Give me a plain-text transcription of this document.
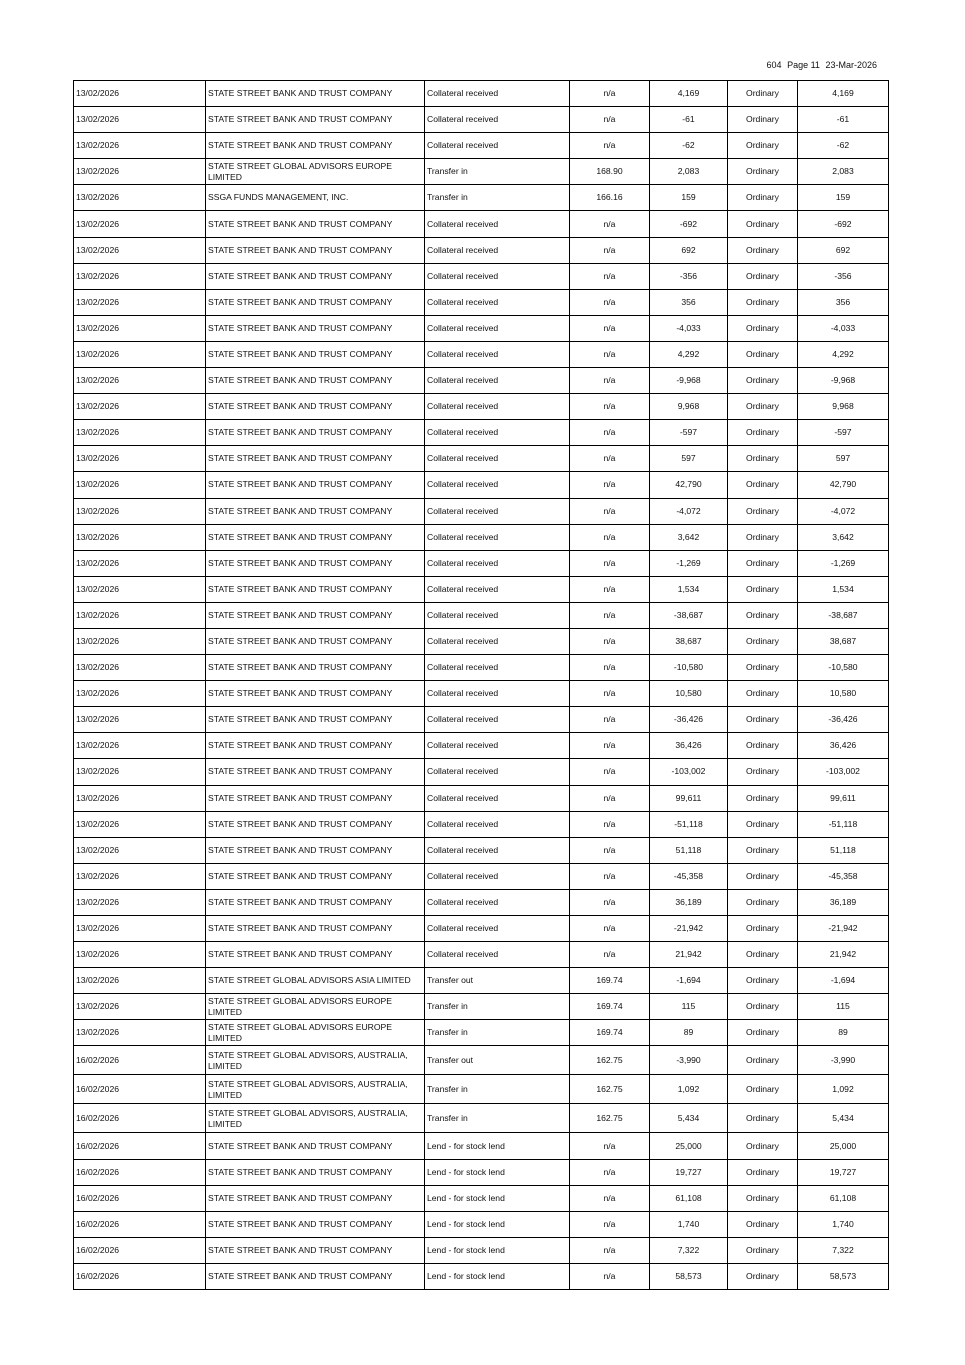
604 Page 11 23-Mar-2026
13/02/2026	STATE STREET BANK AND TRUST COMPANY	Collateral received	n/a	4,169	Ordinary	4,169
13/02/2026	STATE STREET BANK AND TRUST COMPANY	Collateral received	n/a	-61	Ordinary	-61
13/02/2026	STATE STREET BANK AND TRUST COMPANY	Collateral received	n/a	-62	Ordinary	-62
13/02/2026	STATE STREET GLOBAL ADVISORS EUROPE LIMITED	Transfer in	168.90	2,083	Ordinary	2,083
13/02/2026	SSGA FUNDS MANAGEMENT, INC.	Transfer in	166.16	159	Ordinary	159
13/02/2026	STATE STREET BANK AND TRUST COMPANY	Collateral received	n/a	-692	Ordinary	-692
13/02/2026	STATE STREET BANK AND TRUST COMPANY	Collateral received	n/a	692	Ordinary	692
13/02/2026	STATE STREET BANK AND TRUST COMPANY	Collateral received	n/a	-356	Ordinary	-356
13/02/2026	STATE STREET BANK AND TRUST COMPANY	Collateral received	n/a	356	Ordinary	356
13/02/2026	STATE STREET BANK AND TRUST COMPANY	Collateral received	n/a	-4,033	Ordinary	-4,033
13/02/2026	STATE STREET BANK AND TRUST COMPANY	Collateral received	n/a	4,292	Ordinary	4,292
13/02/2026	STATE STREET BANK AND TRUST COMPANY	Collateral received	n/a	-9,968	Ordinary	-9,968
13/02/2026	STATE STREET BANK AND TRUST COMPANY	Collateral received	n/a	9,968	Ordinary	9,968
13/02/2026	STATE STREET BANK AND TRUST COMPANY	Collateral received	n/a	-597	Ordinary	-597
13/02/2026	STATE STREET BANK AND TRUST COMPANY	Collateral received	n/a	597	Ordinary	597
13/02/2026	STATE STREET BANK AND TRUST COMPANY	Collateral received	n/a	42,790	Ordinary	42,790
13/02/2026	STATE STREET BANK AND TRUST COMPANY	Collateral received	n/a	-4,072	Ordinary	-4,072
13/02/2026	STATE STREET BANK AND TRUST COMPANY	Collateral received	n/a	3,642	Ordinary	3,642
13/02/2026	STATE STREET BANK AND TRUST COMPANY	Collateral received	n/a	-1,269	Ordinary	-1,269
13/02/2026	STATE STREET BANK AND TRUST COMPANY	Collateral received	n/a	1,534	Ordinary	1,534
13/02/2026	STATE STREET BANK AND TRUST COMPANY	Collateral received	n/a	-38,687	Ordinary	-38,687
13/02/2026	STATE STREET BANK AND TRUST COMPANY	Collateral received	n/a	38,687	Ordinary	38,687
13/02/2026	STATE STREET BANK AND TRUST COMPANY	Collateral received	n/a	-10,580	Ordinary	-10,580
13/02/2026	STATE STREET BANK AND TRUST COMPANY	Collateral received	n/a	10,580	Ordinary	10,580
13/02/2026	STATE STREET BANK AND TRUST COMPANY	Collateral received	n/a	-36,426	Ordinary	-36,426
13/02/2026	STATE STREET BANK AND TRUST COMPANY	Collateral received	n/a	36,426	Ordinary	36,426
13/02/2026	STATE STREET BANK AND TRUST COMPANY	Collateral received	n/a	-103,002	Ordinary	-103,002
13/02/2026	STATE STREET BANK AND TRUST COMPANY	Collateral received	n/a	99,611	Ordinary	99,611
13/02/2026	STATE STREET BANK AND TRUST COMPANY	Collateral received	n/a	-51,118	Ordinary	-51,118
13/02/2026	STATE STREET BANK AND TRUST COMPANY	Collateral received	n/a	51,118	Ordinary	51,118
13/02/2026	STATE STREET BANK AND TRUST COMPANY	Collateral received	n/a	-45,358	Ordinary	-45,358
13/02/2026	STATE STREET BANK AND TRUST COMPANY	Collateral received	n/a	36,189	Ordinary	36,189
13/02/2026	STATE STREET BANK AND TRUST COMPANY	Collateral received	n/a	-21,942	Ordinary	-21,942
13/02/2026	STATE STREET BANK AND TRUST COMPANY	Collateral received	n/a	21,942	Ordinary	21,942
13/02/2026	STATE STREET GLOBAL ADVISORS ASIA LIMITED	Transfer out	169.74	-1,694	Ordinary	-1,694
13/02/2026	STATE STREET GLOBAL ADVISORS EUROPE LIMITED	Transfer in	169.74	115	Ordinary	115
13/02/2026	STATE STREET GLOBAL ADVISORS EUROPE LIMITED	Transfer in	169.74	89	Ordinary	89
16/02/2026	STATE STREET GLOBAL ADVISORS, AUSTRALIA, LIMITED	Transfer out	162.75	-3,990	Ordinary	-3,990
16/02/2026	STATE STREET GLOBAL ADVISORS, AUSTRALIA, LIMITED	Transfer in	162.75	1,092	Ordinary	1,092
16/02/2026	STATE STREET GLOBAL ADVISORS, AUSTRALIA, LIMITED	Transfer in	162.75	5,434	Ordinary	5,434
16/02/2026	STATE STREET BANK AND TRUST COMPANY	Lend - for stock lend	n/a	25,000	Ordinary	25,000
16/02/2026	STATE STREET BANK AND TRUST COMPANY	Lend - for stock lend	n/a	19,727	Ordinary	19,727
16/02/2026	STATE STREET BANK AND TRUST COMPANY	Lend - for stock lend	n/a	61,108	Ordinary	61,108
16/02/2026	STATE STREET BANK AND TRUST COMPANY	Lend - for stock lend	n/a	1,740	Ordinary	1,740
16/02/2026	STATE STREET BANK AND TRUST COMPANY	Lend - for stock lend	n/a	7,322	Ordinary	7,322
16/02/2026	STATE STREET BANK AND TRUST COMPANY	Lend - for stock lend	n/a	58,573	Ordinary	58,573
